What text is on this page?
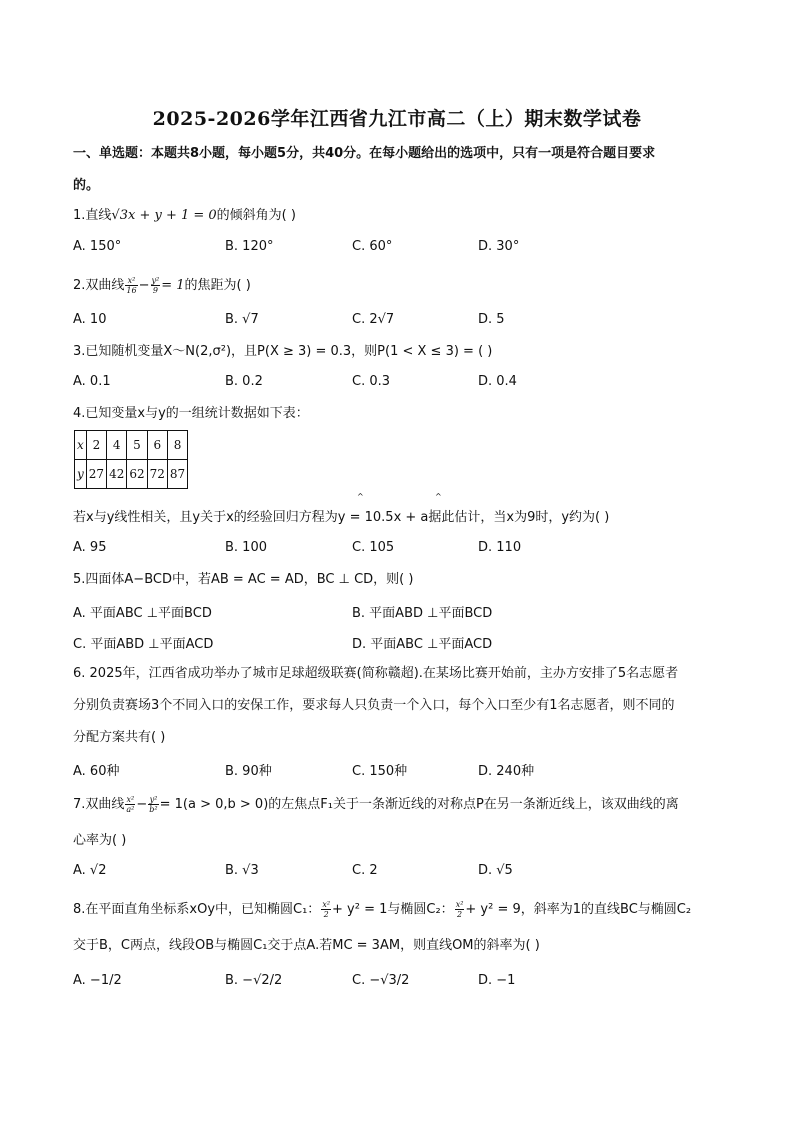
2025-2026学年江西省九江市高二（上）期末数学试卷
一、单选题：本题共8小题，每小题5分，共40分。在每小题给出的选项中，只有一项是符合题目要求
的。
1.直线√3x + y + 1 = 0的倾斜角为( )
A. 150°	B. 120°	C. 60°	D. 30°
2.双曲线 $\frac{\text{x²}}{16} - \frac{\text{y²}}{9} = 1$的焦距为( )
A. 10	B. √7	C. 2√7	D. 5
3.已知随机变量X～N(2,σ²)，且P(X ≥ 3) = 0.3，则P(1 < X ≤ 3) = ( )
A. 0.1	B. 0.2	C. 0.3	D. 0.4
4.已知变量x与y的一组统计数据如下表：
x	2	4	5	6	8
y	27	42	62	72	87
^	^
若x与y线性相关，且y关于x的经验回归方程为y = 10.5x + a据此估计，当x为9时，y约为( )
A. 95	B. 100	C. 105	D. 110
5.四面体A−BCD中，若AB = AC = AD，BC ⊥ CD，则( )
A. 平面ABC ⊥平面BCD	B. 平面ABD ⊥平面BCD
C. 平面ABD ⊥平面ACD	D. 平面ABC ⊥平面ACD
6. 2025年，江西省成功举办了城市足球超级联赛(简称赣超).在某场比赛开始前，主办方安排了5名志愿者
分别负责赛场3个不同入口的安保工作，要求每人只负责一个入口，每个入口至少有1名志愿者，则不同的
分配方案共有( )
A. 60种	B. 90种	C. 150种	D. 240种
7.双曲线 $\frac{\text{x²}}{\text{a²}} - \frac{\text{y²}}{\text{b²}} = 1(a > 0,b > 0)$的左焦点F₁关于一条渐近线的对称点P在另一条渐近线上，该双曲线的离
心率为( )
A. √2	B. √3	C. 2	D. √5
8.在平面直角坐标系xOy中，已知椭圆C₁： $\frac{\text{x²}}{2} + y^2 = 1$与椭圆C₂： $\frac{\text{x²}}{2} + y^2 = 9$，斜率为1的直线BC与椭圆C₂
交于B，C两点，线段OB与椭圆C₁交于点A.若MC = 3AM，则直线OM的斜率为( )
A. −1/2	B. −√2/2	C. −√3/2	D. −1
